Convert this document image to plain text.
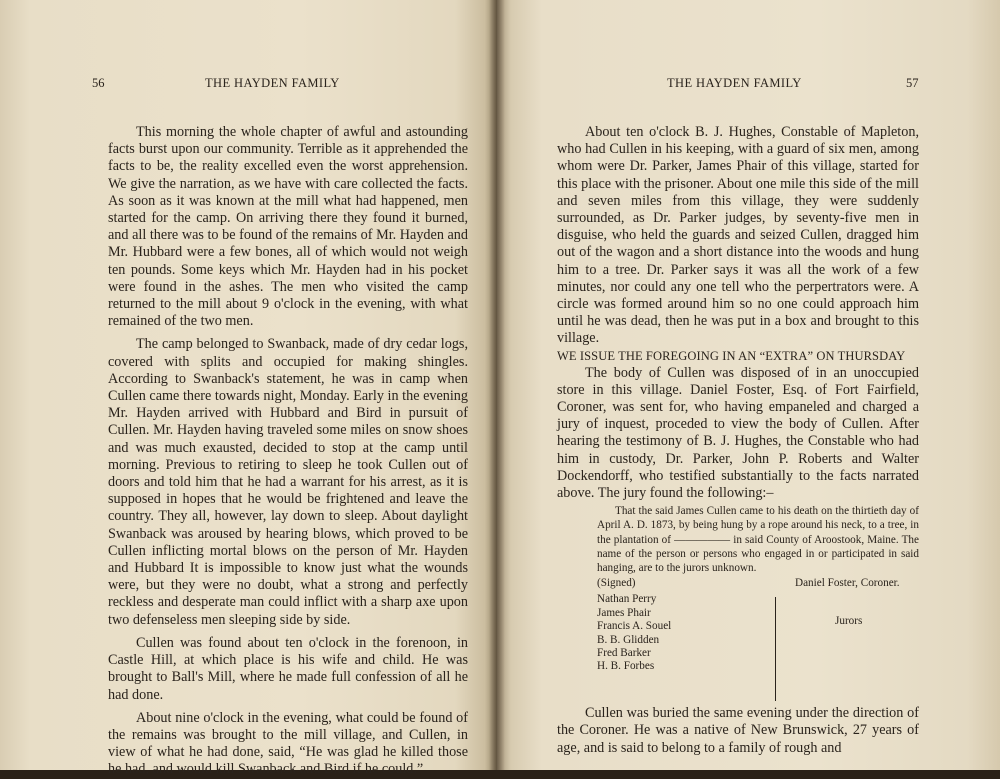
56	THE HAYDEN FAMILY

This morning the whole chapter of awful and astounding facts burst upon our community. Terrible as it apprehended the facts to be, the reality excelled even the worst apprehension. We give the narration, as we have with care collected the facts. As soon as it was known at the mill what had happened, men started for the camp. On arriving there they found it burned, and all there was to be found of the remains of Mr. Hayden and Mr. Hubbard were a few bones, all of which would not weigh ten pounds. Some keys which Mr. Hayden had in his pocket were found in the ashes. The men who visited the camp returned to the mill about 9 o'clock in the evening, with what remained of the two men.

The camp belonged to Swanback, made of dry cedar logs, covered with splits and occupied for making shingles. According to Swanback's statement, he was in camp when Cullen came there towards night, Monday. Early in the evening Mr. Hayden arrived with Hubbard and Bird in pursuit of Cullen. Mr. Hayden having traveled some miles on snow shoes and was much exausted, decided to stop at the camp until morning. Previous to retiring to sleep he took Cullen out of doors and told him that he had a warrant for his arrest, as it is supposed in hopes that he would be frightened and leave the country. They all, however, lay down to sleep. About daylight Swanback was aroused by hearing blows, which proved to be Cullen inflicting mortal blows on the person of Mr. Hayden and Hubbard It is impossible to know just what the wounds were, but they were no doubt, what a strong and perfectly reckless and desperate man could inflict with a sharp axe upon two defenseless men sleeping side by side.

Cullen was found about ten o'clock in the forenoon, in Castle Hill, at which place is his wife and child. He was brought to Ball's Mill, where he made full confession of all he had done.

About nine o'clock in the evening, what could be found of the remains was brought to the mill village, and Cullen, in view of what he had done, said, “He was glad he killed those he had, and would kill Swanback and Bird if he could.”

THE HAYDEN FAMILY	57

About ten o'clock B. J. Hughes, Constable of Mapleton, who had Cullen in his keeping, with a guard of six men, among whom were Dr. Parker, James Phair of this village, started for this place with the prisoner. About one mile this side of the mill and seven miles from this village, they were suddenly surrounded, as Dr. Parker judges, by seventy-five men in disguise, who held the guards and seized Cullen, dragged him out of the wagon and a short distance into the woods and hung him to a tree. Dr. Parker says it was all the work of a few minutes, nor could any one tell who the perpertrators were. A circle was formed around him so no one could approach him until he was dead, then he was put in a box and brought to this village.

WE ISSUE THE FOREGOING IN AN “EXTRA” ON THURSDAY

The body of Cullen was disposed of in an unoccupied store in this village. Daniel Foster, Esq. of Fort Fairfield, Coroner, was sent for, who having empaneled and charged a jury of inquest, proceded to view the body of Cullen. After hearing the testimony of B. J. Hughes, the Constable who had him in custody, Dr. Parker, John P. Roberts and Walter Dockendorff, who testified substantially to the facts narrated above. The jury found the following:–

That the said James Cullen came to his death on the thirtieth day of April A. D. 1873, by being hung by a rope around his neck, to a tree, in the plantation of ————— in said County of Aroostook, Maine. The name of the person or persons who engaged in or participated in said hanging, are to the jurors unknown.

(Signed)	Daniel Foster, Coroner.
Nathan Perry
James Phair
Francis A. Souel
B. B. Glidden
Fred Barker
H. B. Forbes
Jurors

Cullen was buried the same evening under the direction of the Coroner. He was a native of New Brunswick, 27 years of age, and is said to belong to a family of rough and
